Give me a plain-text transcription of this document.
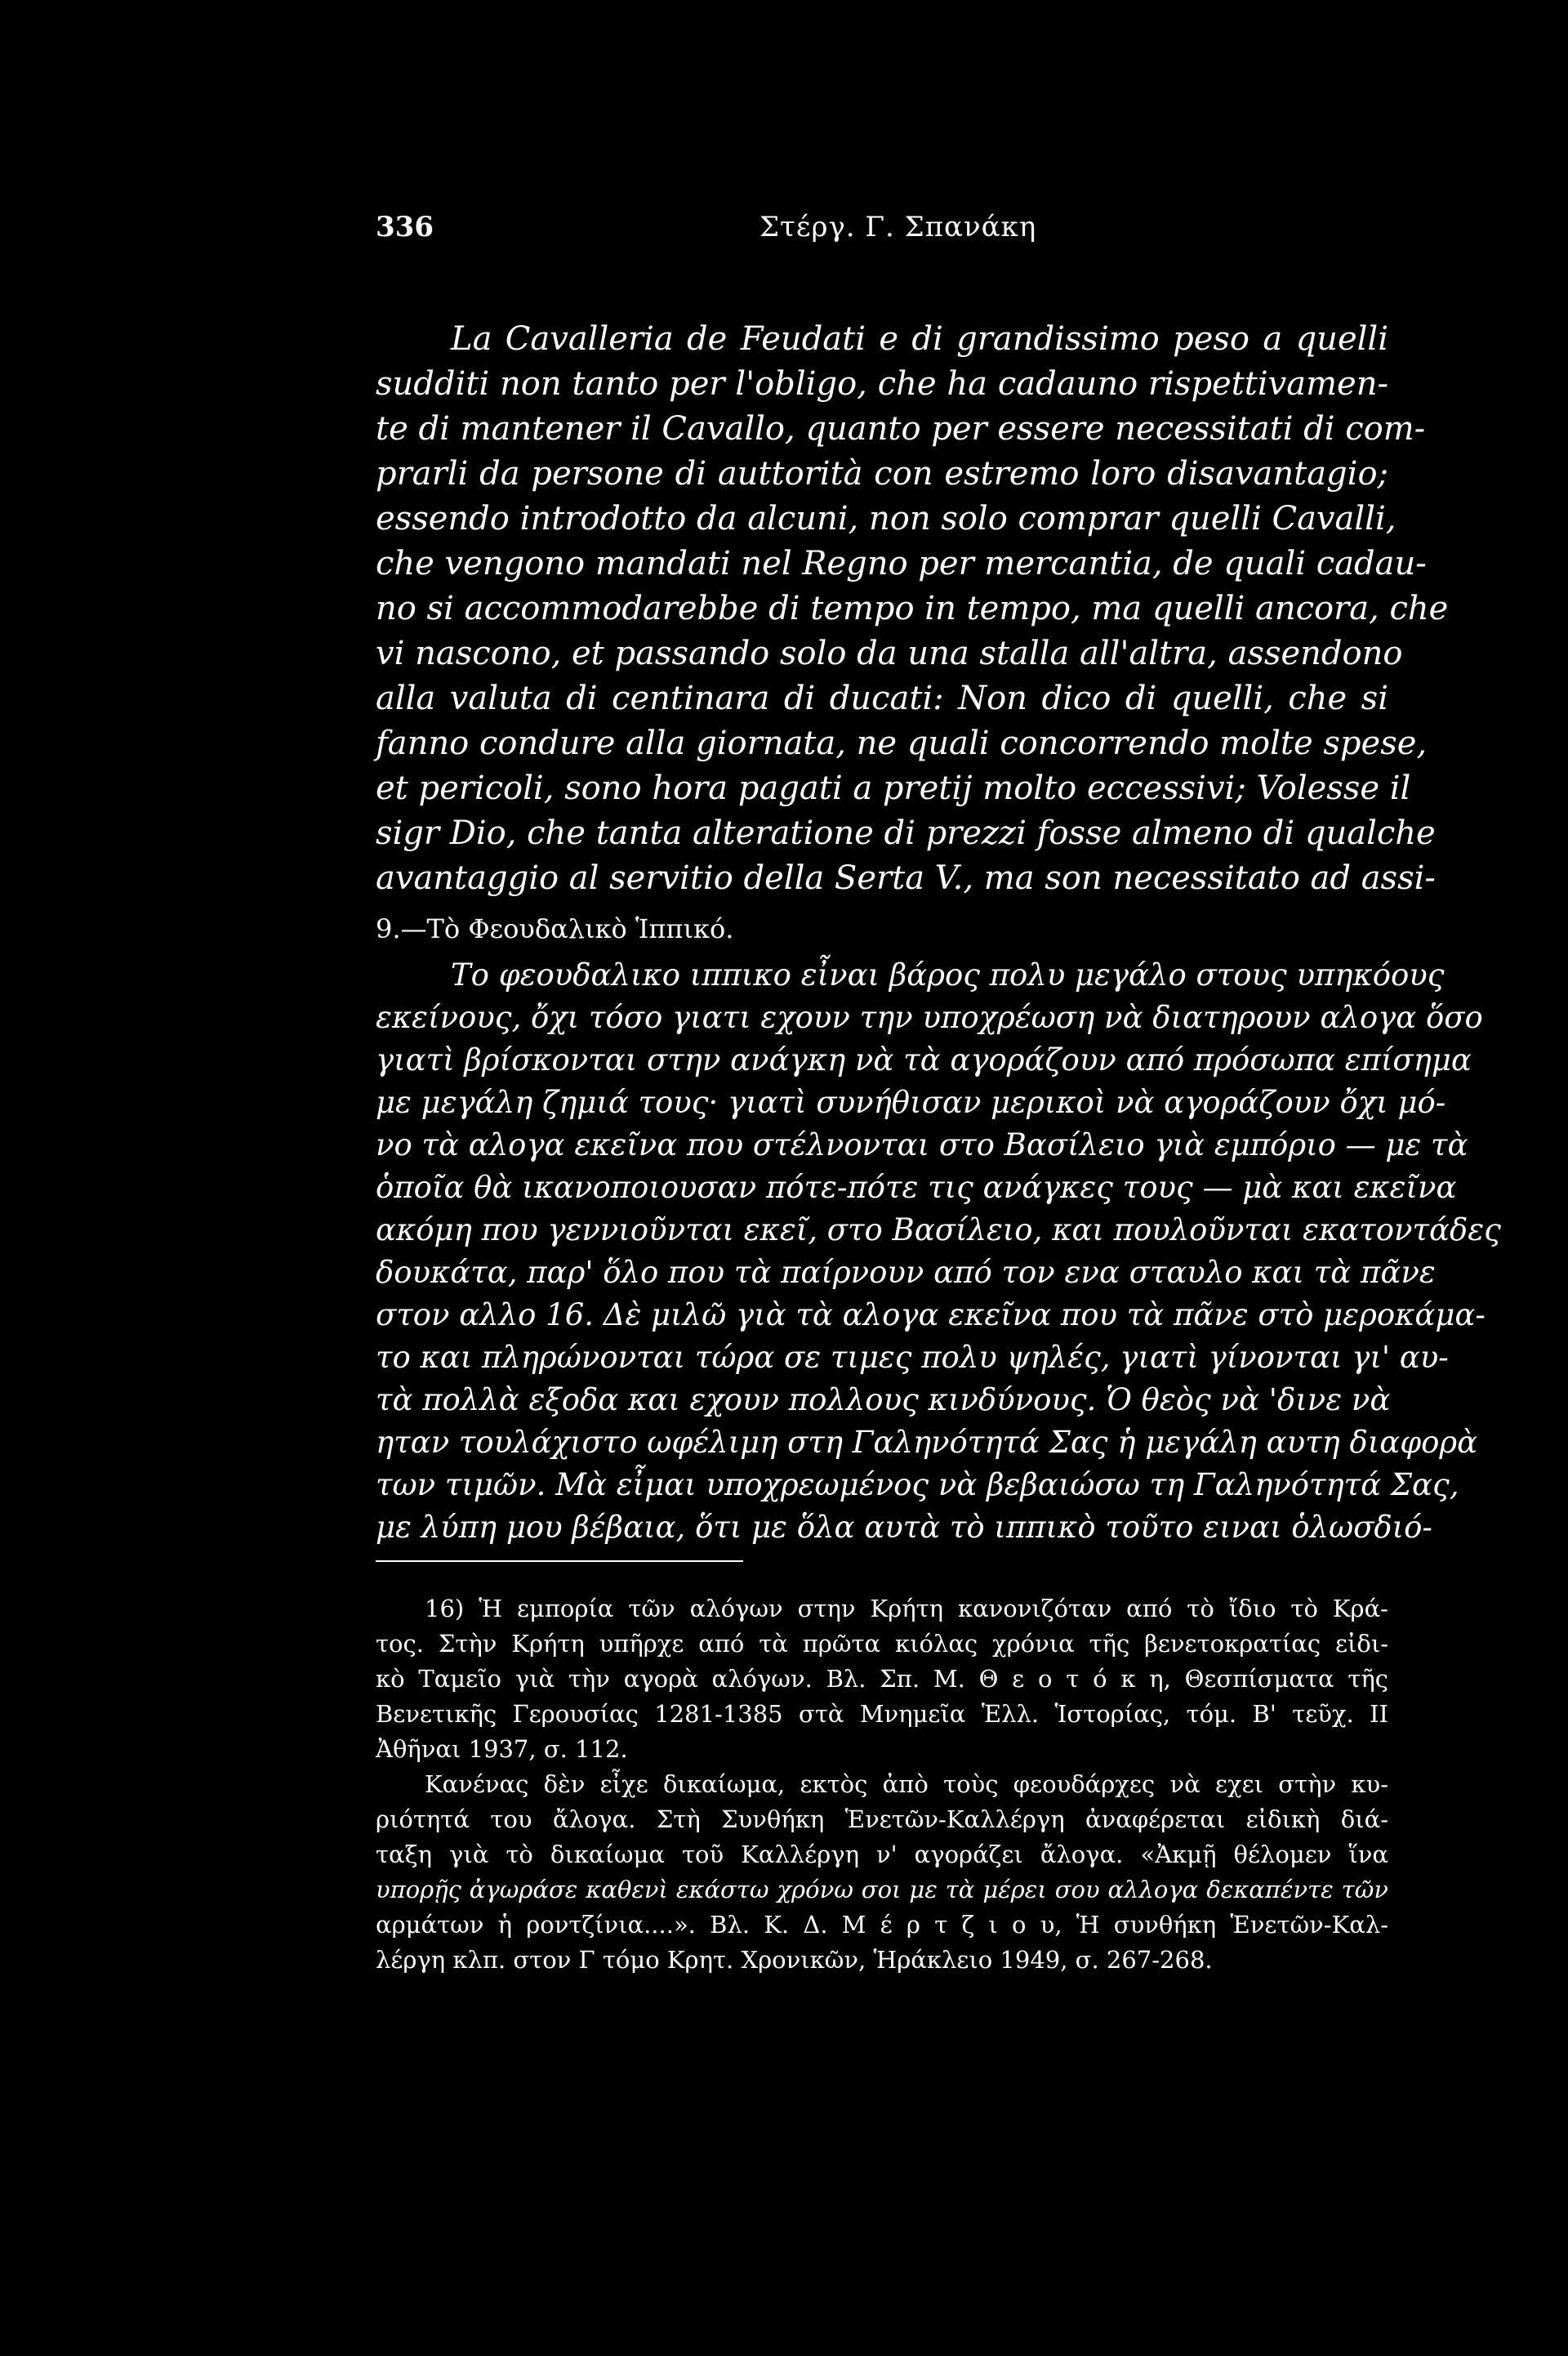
336	Στέργ. Γ. Σπανάκη
La Cavalleria de Feudati e di grandissimo peso a quelli
sudditi non tanto per l'obligo, che ha cadauno rispettivamen-
te di mantener il Cavallo, quanto per essere necessitati di com-
prarli da persone di auttorità con estremo loro disavantagio;
essendo introdotto da alcuni, non solo comprar quelli Cavalli,
che vengono mandati nel Regno per mercantia, de quali cadau-
no si accommodarebbe di tempo in tempo, ma quelli ancora, che
vi nascono, et passando solo da una stalla all'altra, assendono
alla valuta di centinara di ducati: Non dico di quelli, che si
fanno condure alla giornata, ne quali concorrendo molte spese,
et pericoli, sono hora pagati a pretij molto eccessivi; Volesse il
sigr Dio, che tanta alteratione di prezzi fosse almeno di qualche
avantaggio al servitio della Serta V., ma son necessitato ad assi-
9.—Τὸ Φεουδαλικὸ Ἱππικό.
Το φεουδαλικο ιππικο εἶναι βάρος πολυ μεγάλο στους υπηκόους
εκείνους, ὄχι τόσο γιατι εχουν την υποχρέωση νὰ διατηρουν αλογα ὅσο
γιατὶ βρίσκονται στην ανάγκη νὰ τὰ αγοράζουν από πρόσωπα επίσημα
με μεγάλη ζημιά τους· γιατὶ συνήθισαν μερικοὶ νὰ αγοράζουν ὄχι μό-
νο τὰ αλογα εκεῖνα που στέλνονται στο Βασίλειο γιὰ εμπόριο — με τὰ
ὁποῖα θὰ ικανοποιουσαν πότε-πότε τις ανάγκες τους — μὰ και εκεῖνα
ακόμη που γεννιοῦνται εκεῖ, στο Βασίλειο, και πουλοῦνται εκατοντάδες
δουκάτα, παρ' ὅλο που τὰ παίρνουν από τον ενα σταυλο και τὰ πᾶνε
στον αλλο 16. Δὲ μιλῶ γιὰ τὰ αλογα εκεῖνα που τὰ πᾶνε στὸ μεροκάμα-
το και πληρώνονται τώρα σε τιμες πολυ ψηλές, γιατὶ γίνονται γι' αυ-
τὰ πολλὰ εξοδα και εχουν πολλους κινδύνους. Ὁ θεὸς νὰ 'δινε νὰ
ηταν τουλάχιστο ωφέλιμη στη Γαληνότητά Σας ἡ μεγάλη αυτη διαφορὰ
των τιμῶν. Μὰ εἶμαι υποχρεωμένος νὰ βεβαιώσω τη Γαληνότητά Σας,
με λύπη μου βέβαια, ὅτι με ὅλα αυτὰ τὸ ιππικὸ τοῦτο ειναι ὁλωσδιό-
16) Ἡ εμπορία τῶν αλόγων στην Κρήτη κανονιζόταν από τὸ ἴδιο τὸ Κρά-
τος. Στὴν Κρήτη υπῆρχε από τὰ πρῶτα κιόλας χρόνια τῆς βενετοκρατίας εἰδι-
κὸ Ταμεῖο γιὰ τὴν αγορὰ αλόγων. Βλ. Σπ. Μ. Θ ε ο τ ό κ η, Θεσπίσματα τῆς
Βενετικῆς Γερουσίας 1281-1385 στὰ Μνημεῖα Ἑλλ. Ἱστορίας, τόμ. Β' τεῦχ. ΙΙ
Ἀθῆναι 1937, σ. 112.
Κανένας δὲν εἶχε δικαίωμα, εκτὸς ἀπὸ τοὺς φεουδάρχες νὰ εχει στὴν κυ-
ριότητά του ἄλογα. Στὴ Συνθήκη Ἑνετῶν-Καλλέργη ἀναφέρεται εἰδικὴ διά-
ταξη γιὰ τὸ δικαίωμα τοῦ Καλλέργη ν' αγοράζει ἄλογα. «Ἀκμῇ θέλομεν ἵνα
υπορῇς ἀγωράσε καθενὶ εκάστω χρόνω σοι με τὰ μέρει σου αλλογα δεκαπέντε τῶν
αρμάτων ἡ ροντζίνια....». Βλ. Κ. Δ. Μ έ ρ τ ζ ι ο υ, Ἡ συνθήκη Ἑνετῶν-Καλ-
λέργη κλπ. στον Γ τόμο Κρητ. Χρονικῶν, Ἡράκλειο 1949, σ. 267-268.
